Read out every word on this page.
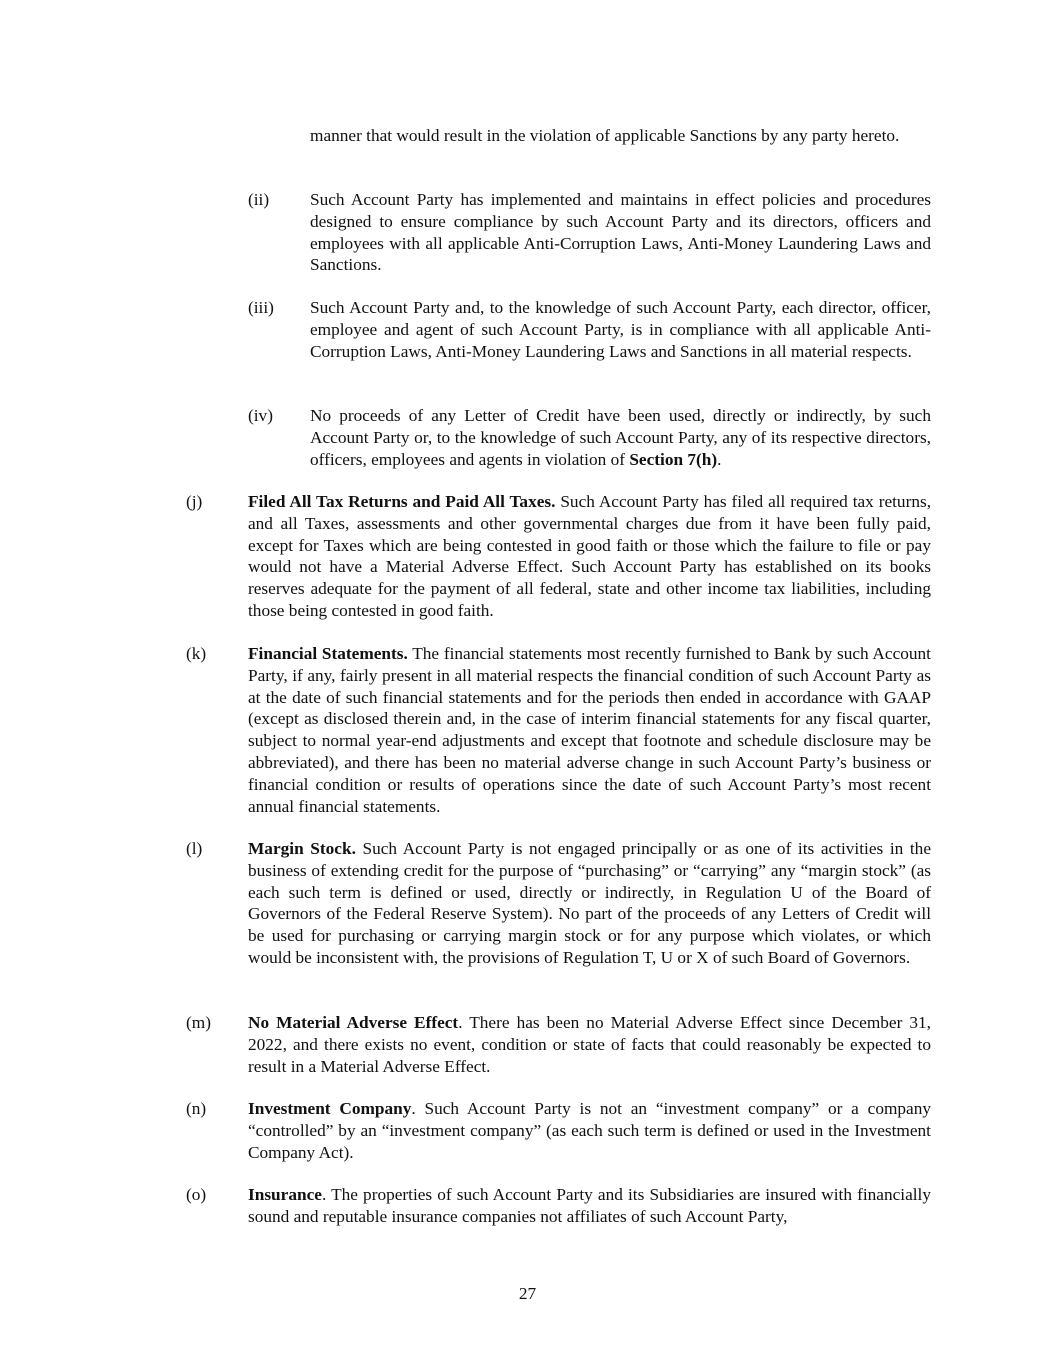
manner that would result in the violation of applicable Sanctions by any party hereto.

(ii) Such Account Party has implemented and maintains in effect policies and procedures designed to ensure compliance by such Account Party and its directors, officers and employees with all applicable Anti-Corruption Laws, Anti-Money Laundering Laws and Sanctions.

(iii) Such Account Party and, to the knowledge of such Account Party, each director, officer, employee and agent of such Account Party, is in compliance with all applicable Anti-Corruption Laws, Anti-Money Laundering Laws and Sanctions in all material respects.

(iv) No proceeds of any Letter of Credit have been used, directly or indirectly, by such Account Party or, to the knowledge of such Account Party, any of its respective directors, officers, employees and agents in violation of Section 7(h).

(j)	Filed All Tax Returns and Paid All Taxes. Such Account Party has filed all required tax returns, and all Taxes, assessments and other governmental charges due from it have been fully paid, except for Taxes which are being contested in good faith or those which the failure to file or pay would not have a Material Adverse Effect. Such Account Party has established on its books reserves adequate for the payment of all federal, state and other income tax liabilities, including those being contested in good faith.

(k) Financial Statements. The financial statements most recently furnished to Bank by such Account Party, if any, fairly present in all material respects the financial condition of such Account Party as at the date of such financial statements and for the periods then ended in accordance with GAAP (except as disclosed therein and, in the case of interim financial statements for any fiscal quarter, subject to normal year-end adjustments and except that footnote and schedule disclosure may be abbreviated), and there has been no material adverse change in such Account Party’s business or financial condition or results of operations since the date of such Account Party’s most recent annual financial statements.

(l)	Margin Stock. Such Account Party is not engaged principally or as one of its activities in the business of extending credit for the purpose of “purchasing” or “carrying” any “margin stock” (as each such term is defined or used, directly or indirectly, in Regulation U of the Board of Governors of the Federal Reserve System). No part of the proceeds of any Letters of Credit will be used for purchasing or carrying margin stock or for any purpose which violates, or which would be inconsistent with, the provisions of Regulation T, U or X of such Board of Governors.

(m) No Material Adverse Effect. There has been no Material Adverse Effect since December 31, 2022, and there exists no event, condition or state of facts that could reasonably be expected to result in a Material Adverse Effect.

(n) Investment Company. Such Account Party is not an “investment company” or a company “controlled” by an “investment company” (as each such term is defined or used in the Investment Company Act).

(o) Insurance. The properties of such Account Party and its Subsidiaries are insured with financially sound and reputable insurance companies not affiliates of such Account Party,

27
